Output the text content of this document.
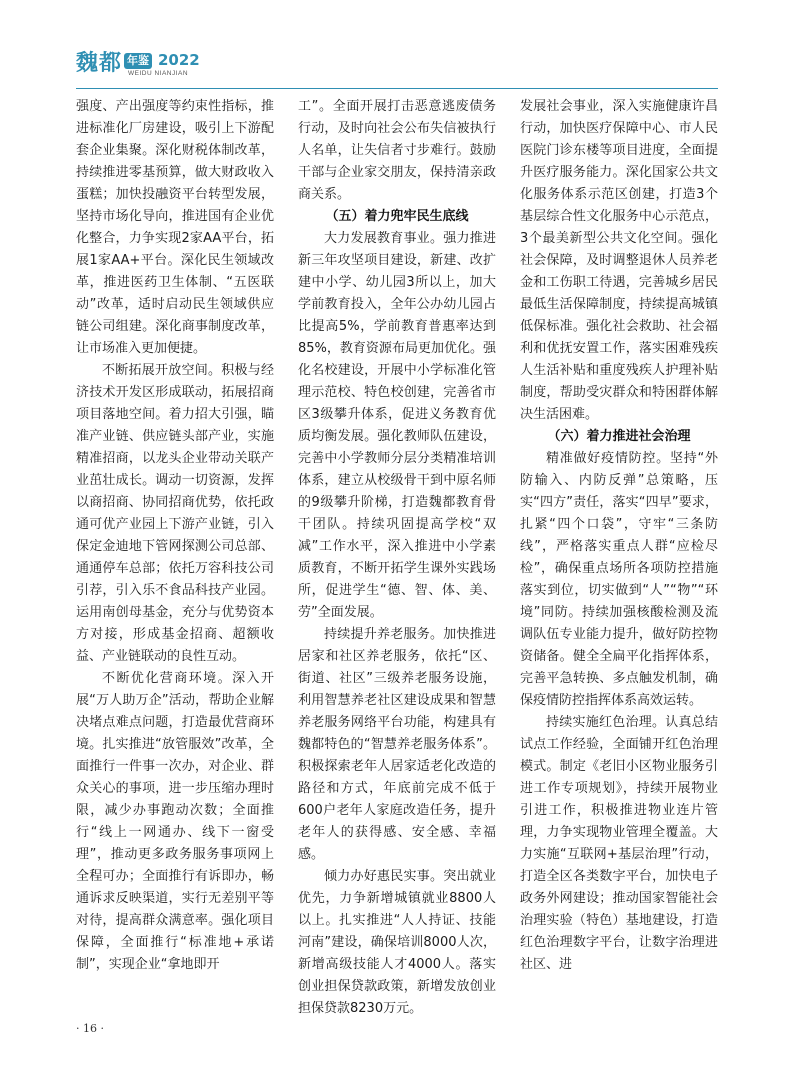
魏都 年鉴 2022
WEIDU NIANJIAN

强度、产出强度等约束性指标，推进标准化厂房建设，吸引上下游配套企业集聚。深化财税体制改革，持续推进零基预算，做大财政收入蛋糕；加快投融资平台转型发展，坚持市场化导向，推进国有企业优化整合，力争实现2家AA平台，拓展1家AA+平台。深化民生领域改革，推进医药卫生体制、“五医联动”改革，适时启动民生领域供应链公司组建。深化商事制度改革，让市场准入更加便捷。

不断拓展开放空间。积极与经济技术开发区形成联动，拓展招商项目落地空间。着力招大引强，瞄准产业链、供应链头部产业，实施精准招商，以龙头企业带动关联产业茁壮成长。调动一切资源，发挥以商招商、协同招商优势，依托政通可优产业园上下游产业链，引入保定金迪地下管网探测公司总部、通通停车总部；依托万容科技公司引荐，引入乐不食品科技产业园。运用南创母基金，充分与优势资本方对接，形成基金招商、超额收益、产业链联动的良性互动。

不断优化营商环境。深入开展“万人助万企”活动，帮助企业解决堵点难点问题，打造最优营商环境。扎实推进“放管服效”改革，全面推行一件事一次办，对企业、群众关心的事项，进一步压缩办理时限，减少办事跑动次数；全面推行“线上一网通办、线下一窗受理”，推动更多政务服务事项网上全程可办；全面推行有诉即办，畅通诉求反映渠道，实行无差别平等对待，提高群众满意率。强化项目保障，全面推行“标准地+承诺制”，实现企业“拿地即开

工”。全面开展打击恶意逃废债务行动，及时向社会公布失信被执行人名单，让失信者寸步难行。鼓励干部与企业家交朋友，保持清亲政商关系。

（五）着力兜牢民生底线

大力发展教育事业。强力推进新三年攻坚项目建设，新建、改扩建中小学、幼儿园3所以上，加大学前教育投入，全年公办幼儿园占比提高5%，学前教育普惠率达到85%，教育资源布局更加优化。强化名校建设，开展中小学标准化管理示范校、特色校创建，完善省市区3级攀升体系，促进义务教育优质均衡发展。强化教师队伍建设，完善中小学教师分层分类精准培训体系，建立从校级骨干到中原名师的9级攀升阶梯，打造魏都教育骨干团队。持续巩固提高学校“双减”工作水平，深入推进中小学素质教育，不断开拓学生课外实践场所，促进学生“德、智、体、美、劳”全面发展。

持续提升养老服务。加快推进居家和社区养老服务，依托“区、街道、社区”三级养老服务设施，利用智慧养老社区建设成果和智慧养老服务网络平台功能，构建具有魏都特色的“智慧养老服务体系”。积极探索老年人居家适老化改造的路径和方式，年底前完成不低于600户老年人家庭改造任务，提升老年人的获得感、安全感、幸福感。

倾力办好惠民实事。突出就业优先，力争新增城镇就业8800人以上。扎实推进“人人持证、技能河南”建设，确保培训8000人次，新增高级技能人才4000人。落实创业担保贷款政策，新增发放创业担保贷款8230万元。

发展社会事业，深入实施健康许昌行动，加快医疗保障中心、市人民医院门诊东楼等项目进度，全面提升医疗服务能力。深化国家公共文化服务体系示范区创建，打造3个基层综合性文化服务中心示范点，3个最美新型公共文化空间。强化社会保障，及时调整退休人员养老金和工伤职工待遇，完善城乡居民最低生活保障制度，持续提高城镇低保标准。强化社会救助、社会福利和优抚安置工作，落实困难残疾人生活补贴和重度残疾人护理补贴制度，帮助受灾群众和特困群体解决生活困难。

（六）着力推进社会治理

精准做好疫情防控。坚持“外防输入、内防反弹”总策略，压实“四方”责任，落实“四早”要求，扎紧“四个口袋”，守牢“三条防线”，严格落实重点人群“应检尽检”，确保重点场所各项防控措施落实到位，切实做到“人”“物”“环境”同防。持续加强核酸检测及流调队伍专业能力提升，做好防控物资储备。健全全扁平化指挥体系，完善平急转换、多点触发机制，确保疫情防控指挥体系高效运转。

持续实施红色治理。认真总结试点工作经验，全面铺开红色治理模式。制定《老旧小区物业服务引进工作专项规划》，持续开展物业引进工作，积极推进物业连片管理，力争实现物业管理全覆盖。大力实施“互联网+基层治理”行动，打造全区各类数字平台，加快电子政务外网建设；推动国家智能社会治理实验（特色）基地建设，打造红色治理数字平台，让数字治理进社区、进

· 16 ·
